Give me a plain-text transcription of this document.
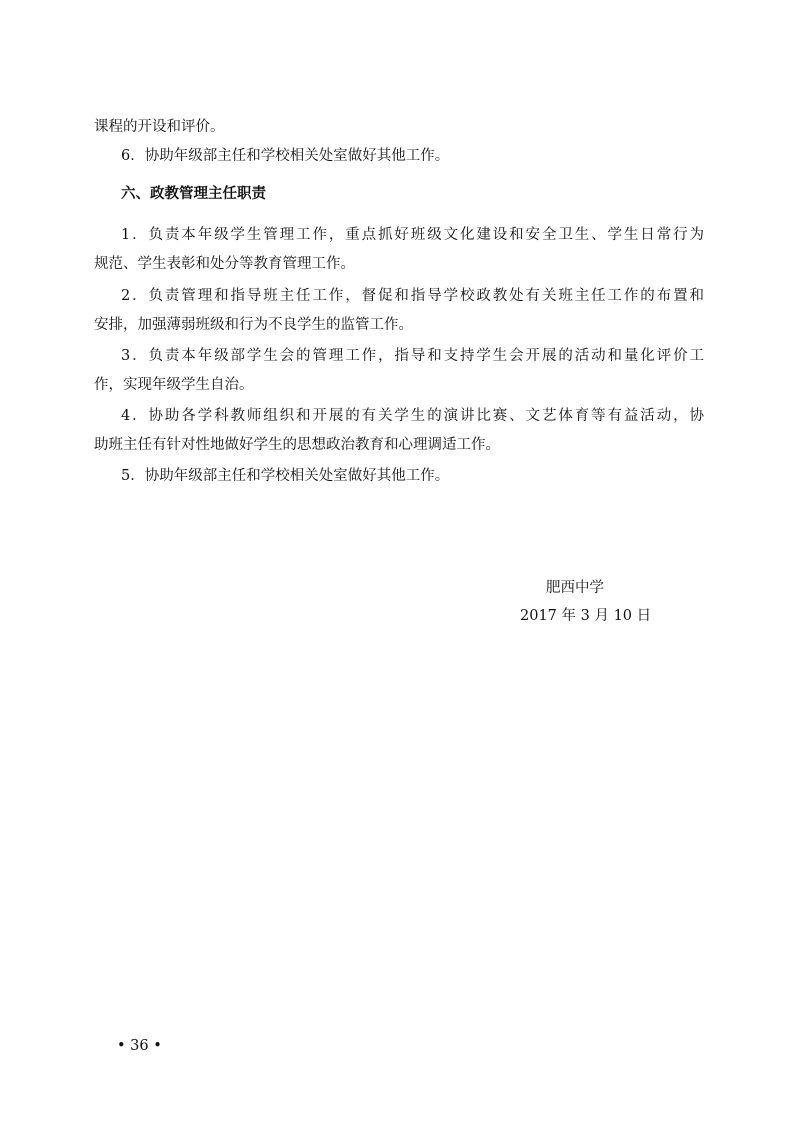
课程的开设和评价。
6．协助年级部主任和学校相关处室做好其他工作。
六、政教管理主任职责
1．负责本年级学生管理工作，重点抓好班级文化建设和安全卫生、学生日常行为
规范、学生表彰和处分等教育管理工作。
2．负责管理和指导班主任工作，督促和指导学校政教处有关班主任工作的布置和
安排，加强薄弱班级和行为不良学生的监管工作。
3．负责本年级部学生会的管理工作，指导和支持学生会开展的活动和量化评价工
作，实现年级学生自治。
4．协助各学科教师组织和开展的有关学生的演讲比赛、文艺体育等有益活动，协
助班主任有针对性地做好学生的思想政治教育和心理调适工作。
5．协助年级部主任和学校相关处室做好其他工作。
肥西中学
2017 年 3 月 10 日
• 36 •
